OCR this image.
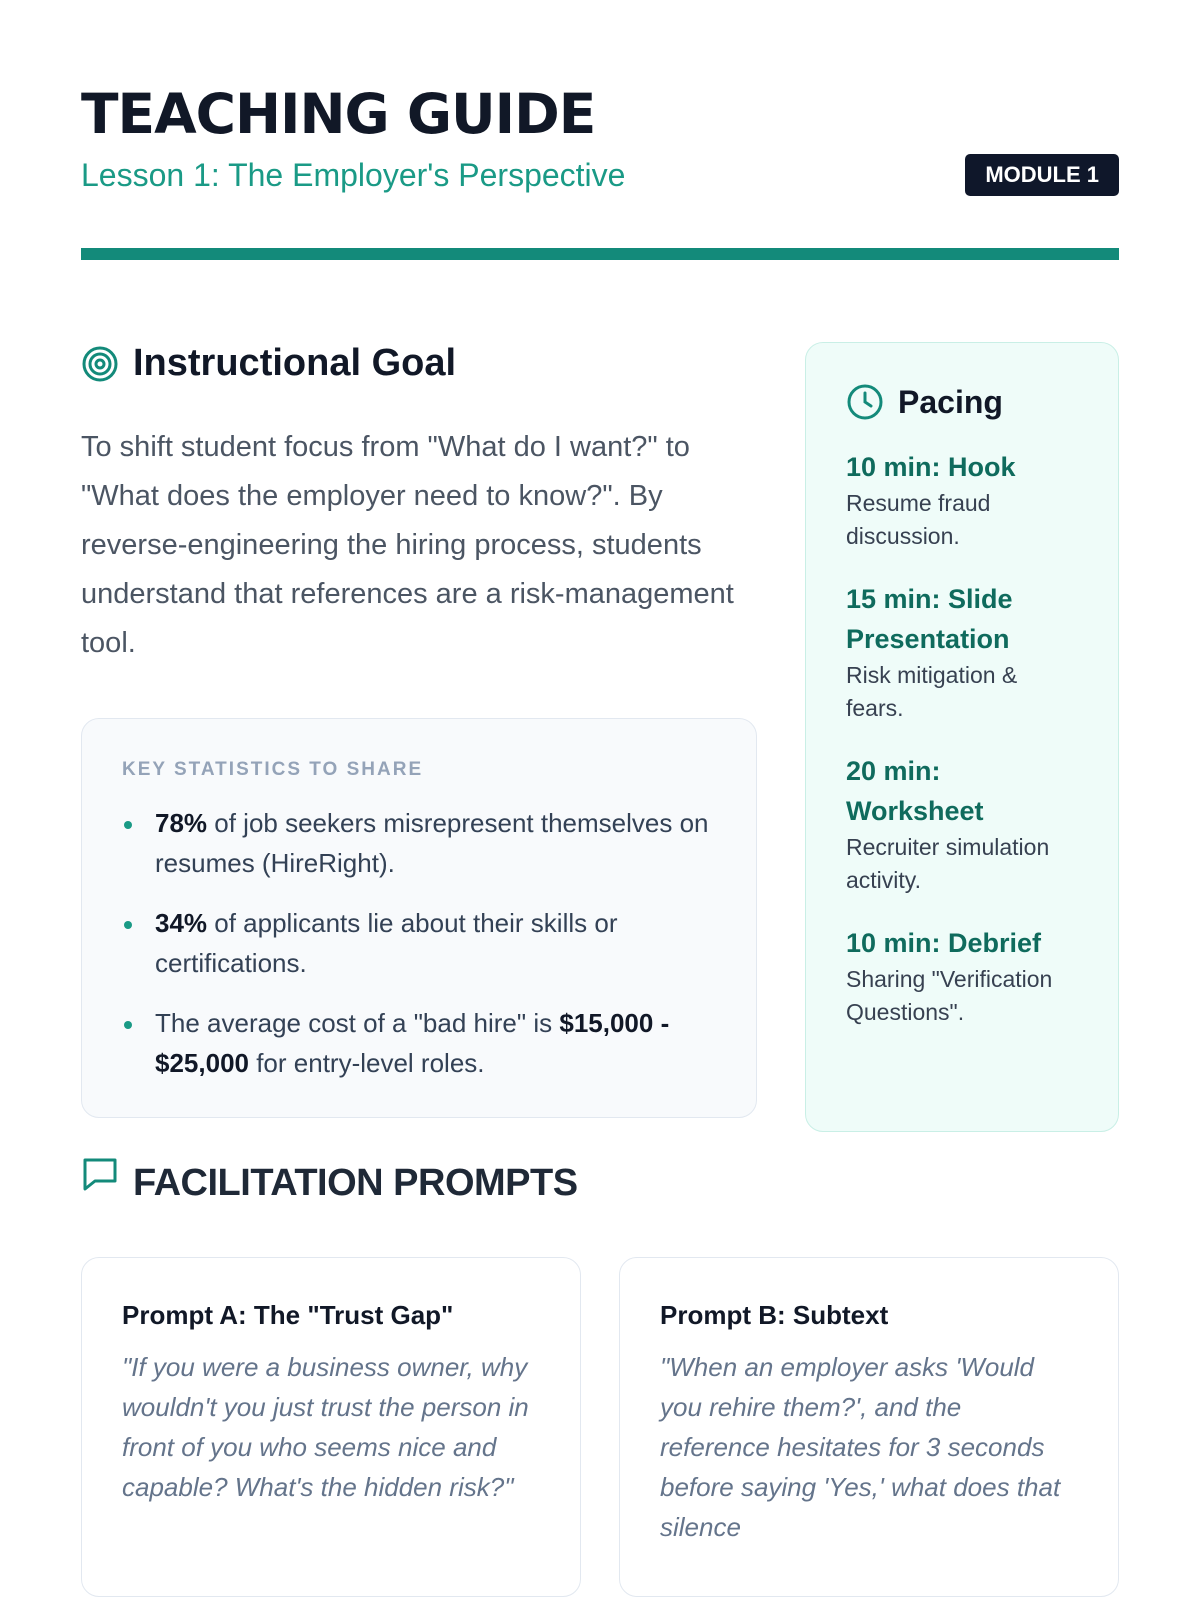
TEACHING GUIDE
Lesson 1: The Employer's Perspective	MODULE 1
Instructional Goal

To shift student focus from "What do I want?" to "What does the employer need to know?". By reverse-engineering the hiring process, students understand that references are a risk-management tool.

KEY STATISTICS TO SHARE
78% of job seekers misrepresent themselves on resumes (HireRight).
34% of applicants lie about their skills or certifications.
The average cost of a "bad hire" is $15,000 - $25,000 for entry-level roles.
Pacing
10 min: Hook
Resume fraud discussion.
15 min: Slide Presentation
Risk mitigation & fears.
20 min: Worksheet
Recruiter simulation activity.
10 min: Debrief
Sharing "Verification Questions".
FACILITATION PROMPTS
Prompt A: The "Trust Gap"
"If you were a business owner, why wouldn't you just trust the person in front of you who seems nice and capable? What's the hidden risk?"
Prompt B: Subtext
"When an employer asks 'Would you rehire them?', and the reference hesitates for 3 seconds before saying 'Yes,' what does that silence
